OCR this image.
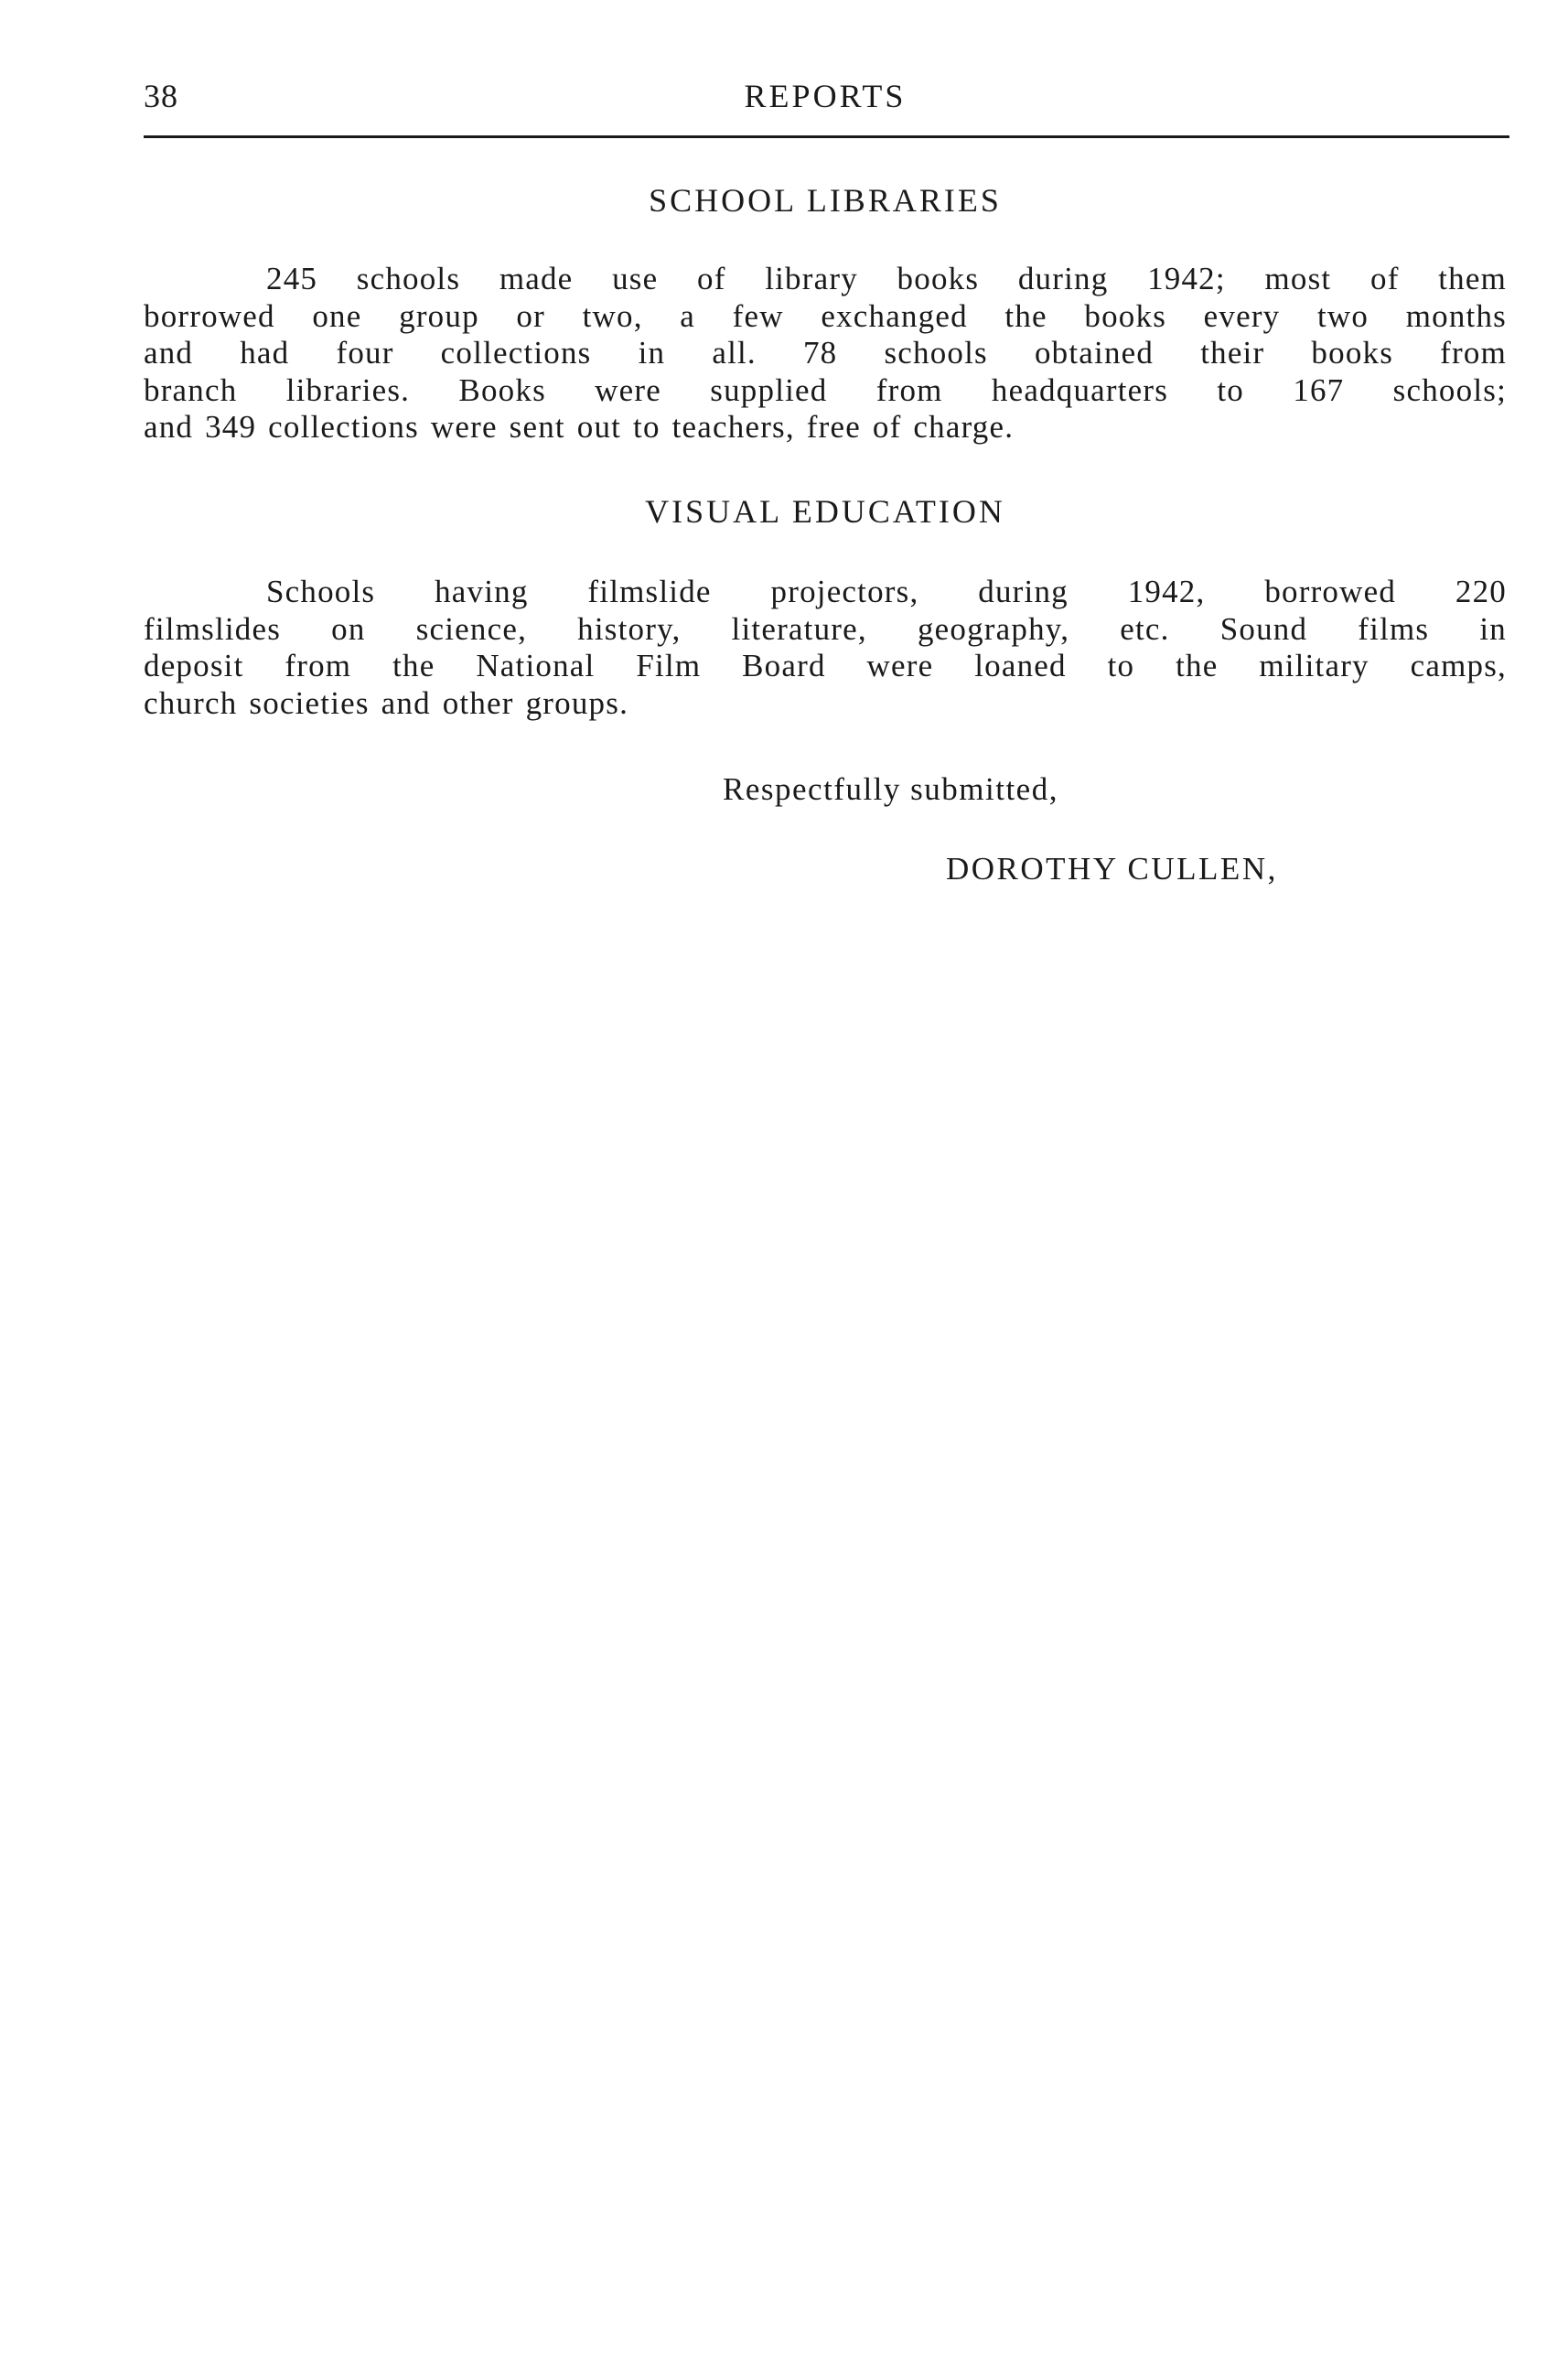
38	REPORTS
SCHOOL LIBRARIES

245 schools made use of library books during 1942; most of them
borrowed one group or two, a few exchanged the books every two months
and had four collections in all. 78 schools obtained their books from
branch libraries. Books were supplied from headquarters to 167 schools;
and 349 collections were sent out to teachers, free of charge.

VISUAL EDUCATION

Schools having filmslide projectors, during 1942, borrowed 220
filmslides on science, history, literature, geography, etc. Sound films in
deposit from the National Film Board were loaned to the military camps,
church societies and other groups.

Respectfully submitted,
DOROTHY CULLEN,
